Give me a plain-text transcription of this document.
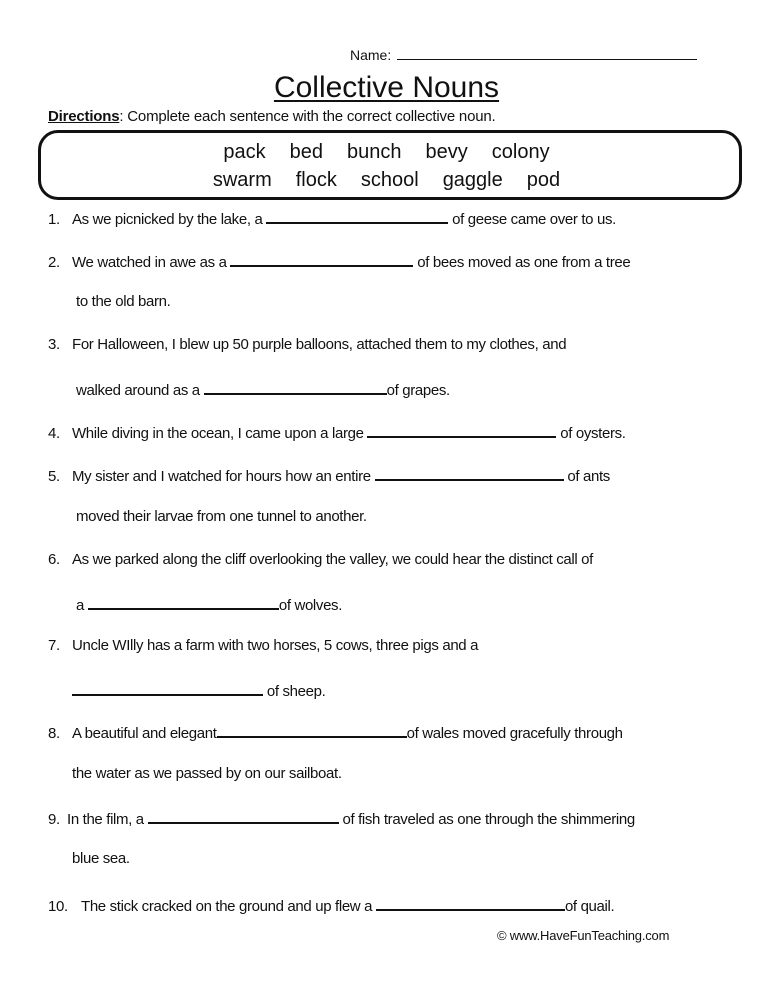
Name:
Collective Nouns
Directions: Complete each sentence with the correct collective noun.
pack bed bunch bevy colony
swarm flock school gaggle pod
1. As we picnicked by the lake, a	of geese came over to us.
2. We watched in awe as a	of bees moved as one from a tree
to the old barn.
3. For Halloween, I blew up 50 purple balloons, attached them to my clothes, and
walked around as a	of grapes.
4. While diving in the ocean, I came upon a large	of oysters.
5. My sister and I watched for hours how an entire	of ants
moved their larvae from one tunnel to another.
6. As we parked along the cliff overlooking the valley, we could hear the distinct call of
a	of wolves.
7. Uncle WIlly has a farm with two horses, 5 cows, three pigs and a
of sheep.
8. A beautiful and elegant	of wales moved gracefully through
the water as we passed by on our sailboat.
9. In the film, a	of fish traveled as one through the shimmering
blue sea.
10. The stick cracked on the ground and up flew a	of quail.
© www.HaveFunTeaching.com
